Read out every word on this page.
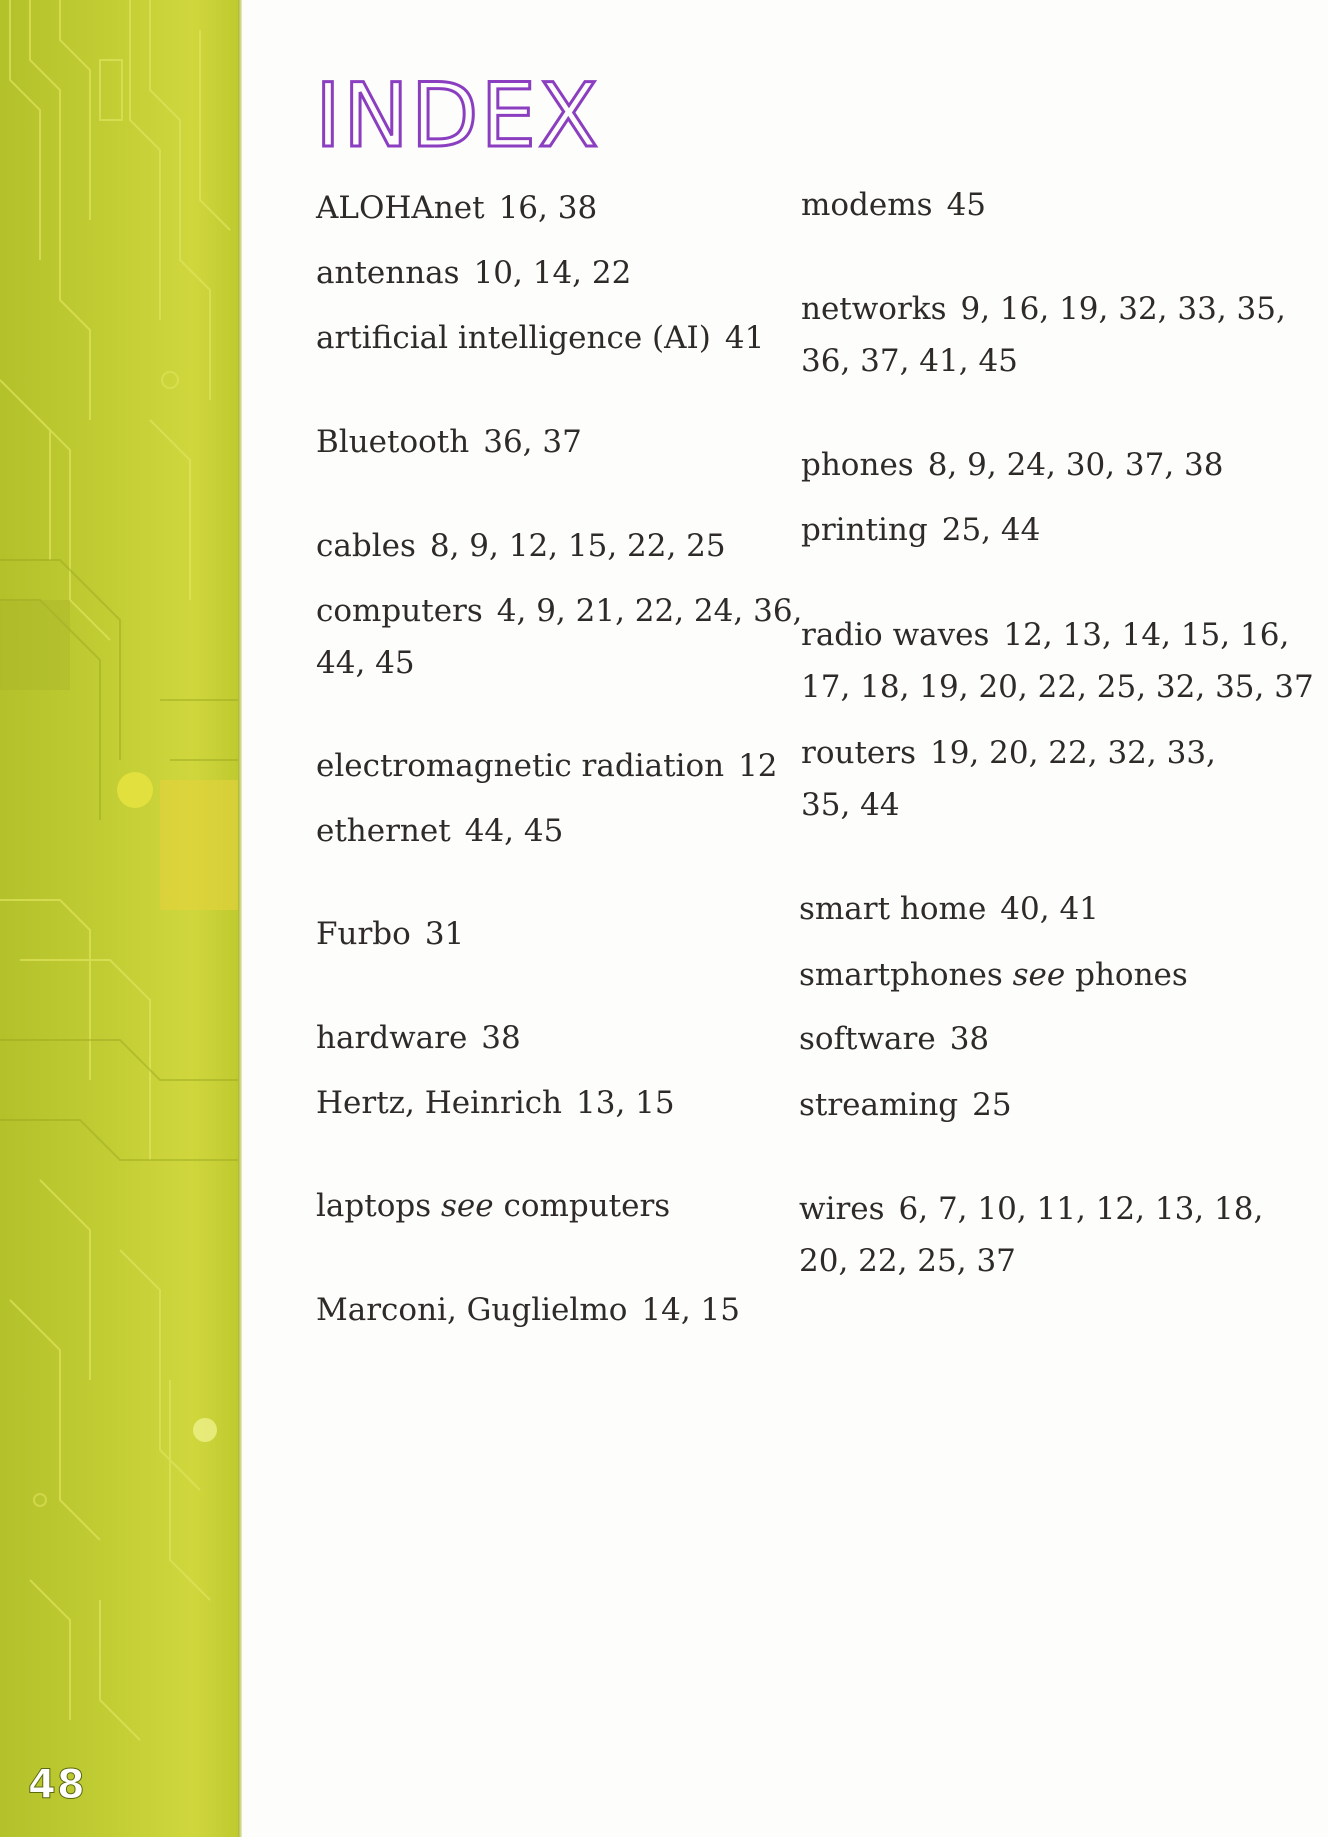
48
INDEX
ALOHAnet 16, 38
antennas 10, 14, 22
artificial intelligence (AI) 41
Bluetooth 36, 37
cables 8, 9, 12, 15, 22, 25
computers 4, 9, 21, 22, 24, 36,
44, 45
electromagnetic radiation 12
ethernet 44, 45
Furbo 31
hardware 38
Hertz, Heinrich 13, 15
laptops see computers
Marconi, Guglielmo 14, 15
modems 45
networks 9, 16, 19, 32, 33, 35,
36, 37, 41, 45
phones 8, 9, 24, 30, 37, 38
printing 25, 44
radio waves 12, 13, 14, 15, 16,
17, 18, 19, 20, 22, 25, 32, 35, 37
routers 19, 20, 22, 32, 33,
35, 44
smart home 40, 41
smartphones see phones
software 38
streaming 25
wires 6, 7, 10, 11, 12, 13, 18,
20, 22, 25, 37
